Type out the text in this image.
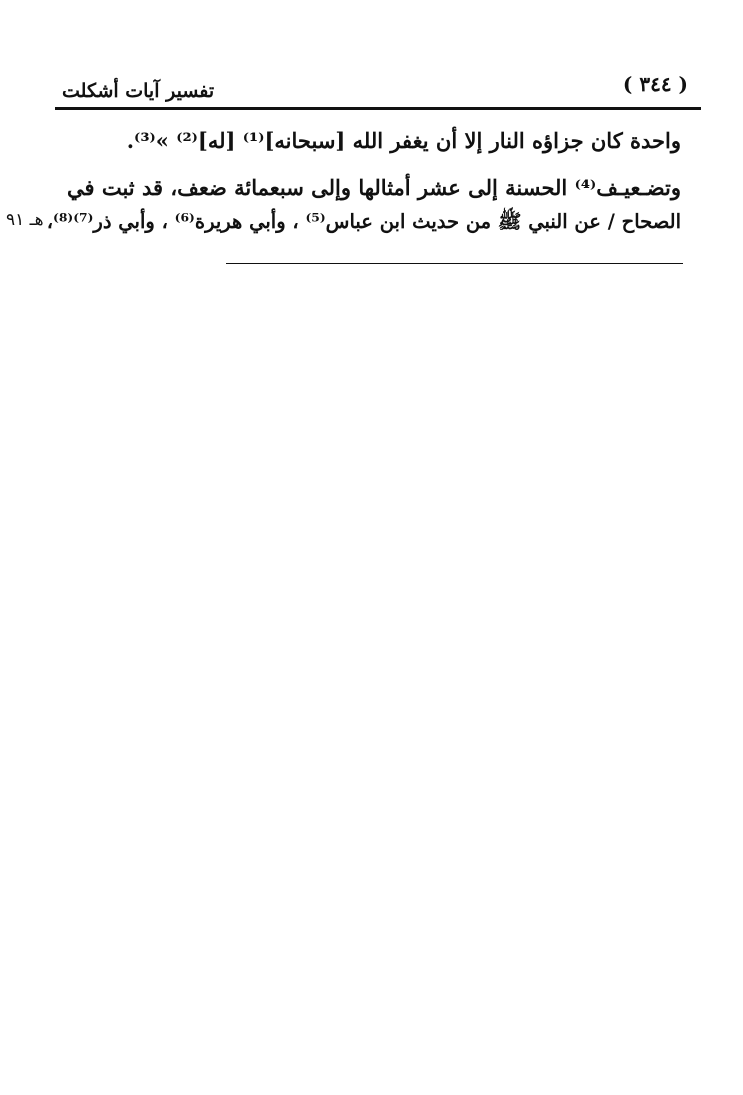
( ٣٤٤ )
تفسير آيات أشكلت
واحدة كان جزاؤه النار إلا أن يغفر الله [سبحانه]⁽¹⁾ [له]⁽²⁾ »⁽³⁾.
وتضـعيـف⁽⁴⁾ الحسنة إلى عشر أمثالها وإلى سبعمائة ضعف، قد ثبت في
الصحاح / عن النبي ﷺ من حديث ابن عباس⁽⁵⁾ ، وأبي هريرة⁽⁶⁾ ، وأبي ذر⁽⁷⁾⁽⁸⁾،
هـ ٩١
